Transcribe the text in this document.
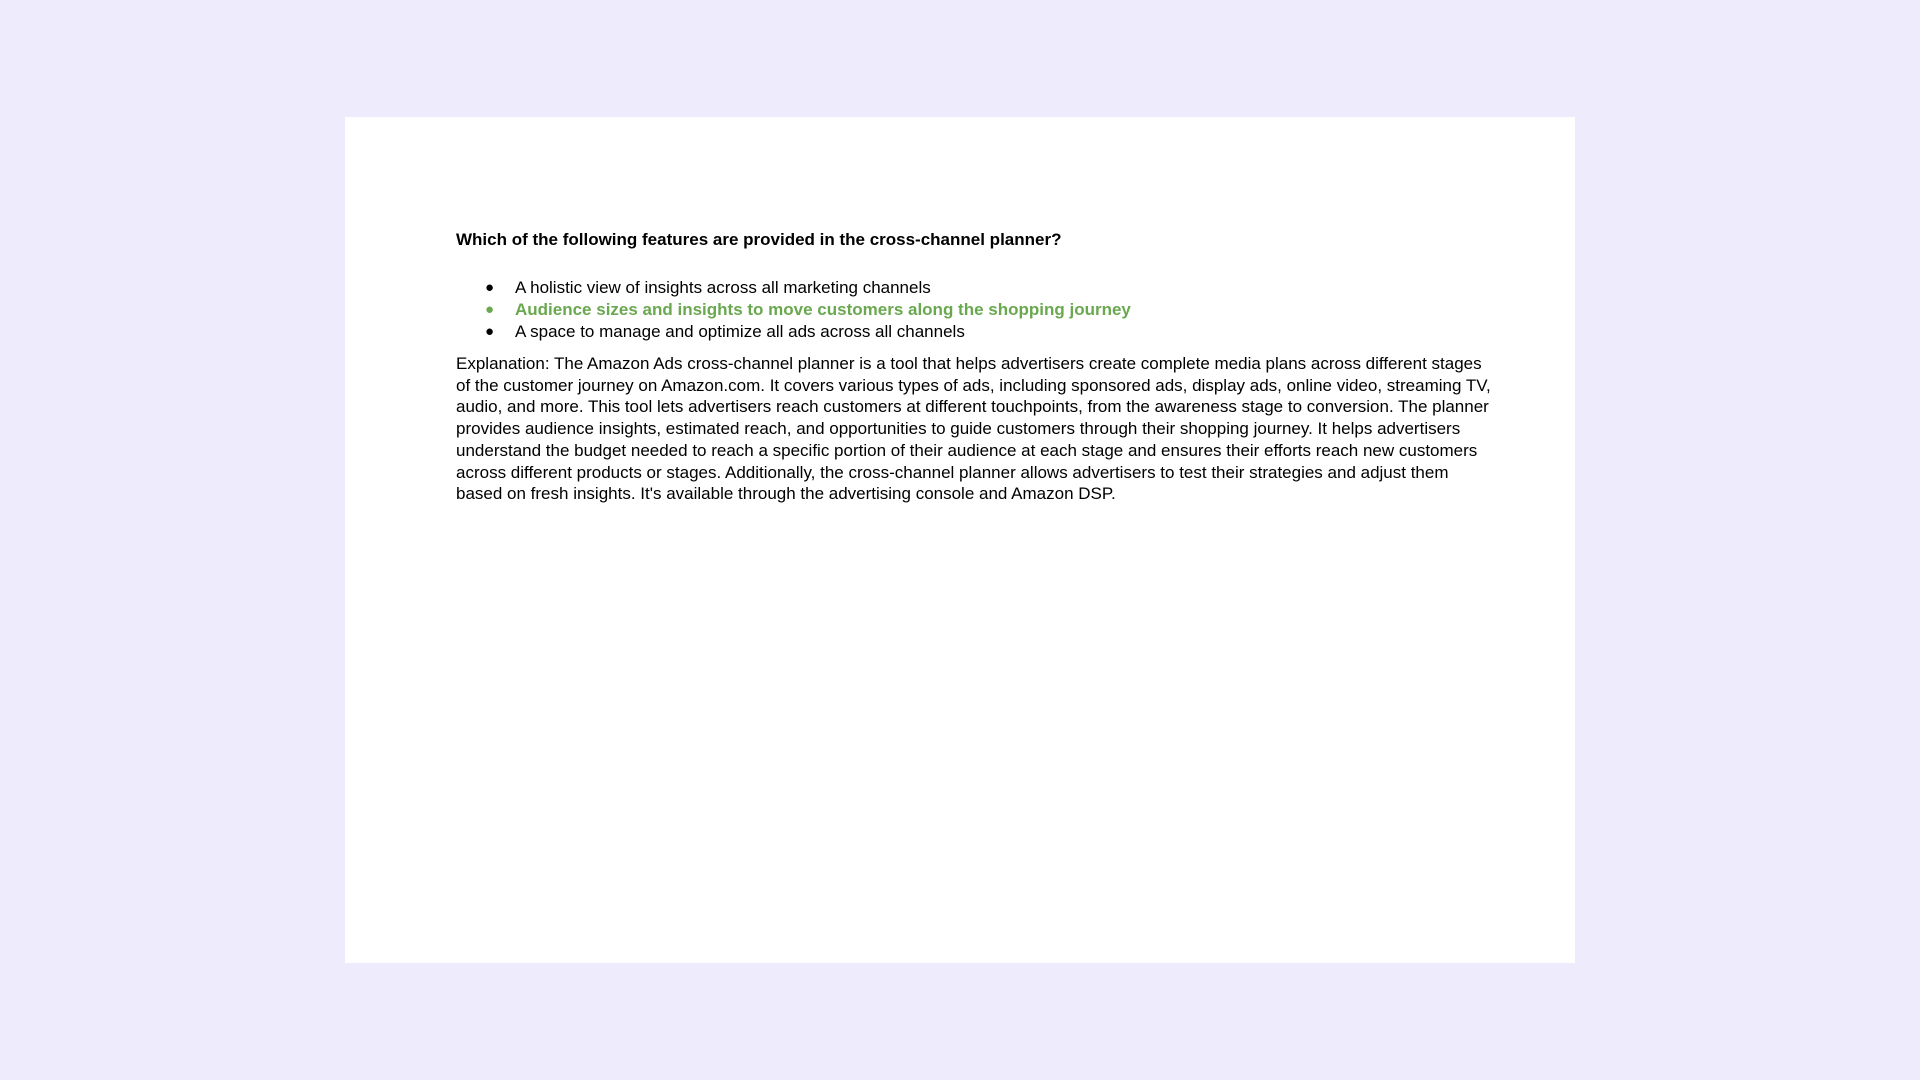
Which of the following features are provided in the cross-channel planner?

● A holistic view of insights across all marketing channels
● Audience sizes and insights to move customers along the shopping journey
● A space to manage and optimize all ads across all channels
Explanation: The Amazon Ads cross-channel planner is a tool that helps advertisers create complete media plans across different stages
of the customer journey on Amazon.com. It covers various types of ads, including sponsored ads, display ads, online video, streaming TV,
audio, and more. This tool lets advertisers reach customers at different touchpoints, from the awareness stage to conversion. The planner
provides audience insights, estimated reach, and opportunities to guide customers through their shopping journey. It helps advertisers
understand the budget needed to reach a specific portion of their audience at each stage and ensures their efforts reach new customers
across different products or stages. Additionally, the cross-channel planner allows advertisers to test their strategies and adjust them
based on fresh insights. It's available through the advertising console and Amazon DSP.
